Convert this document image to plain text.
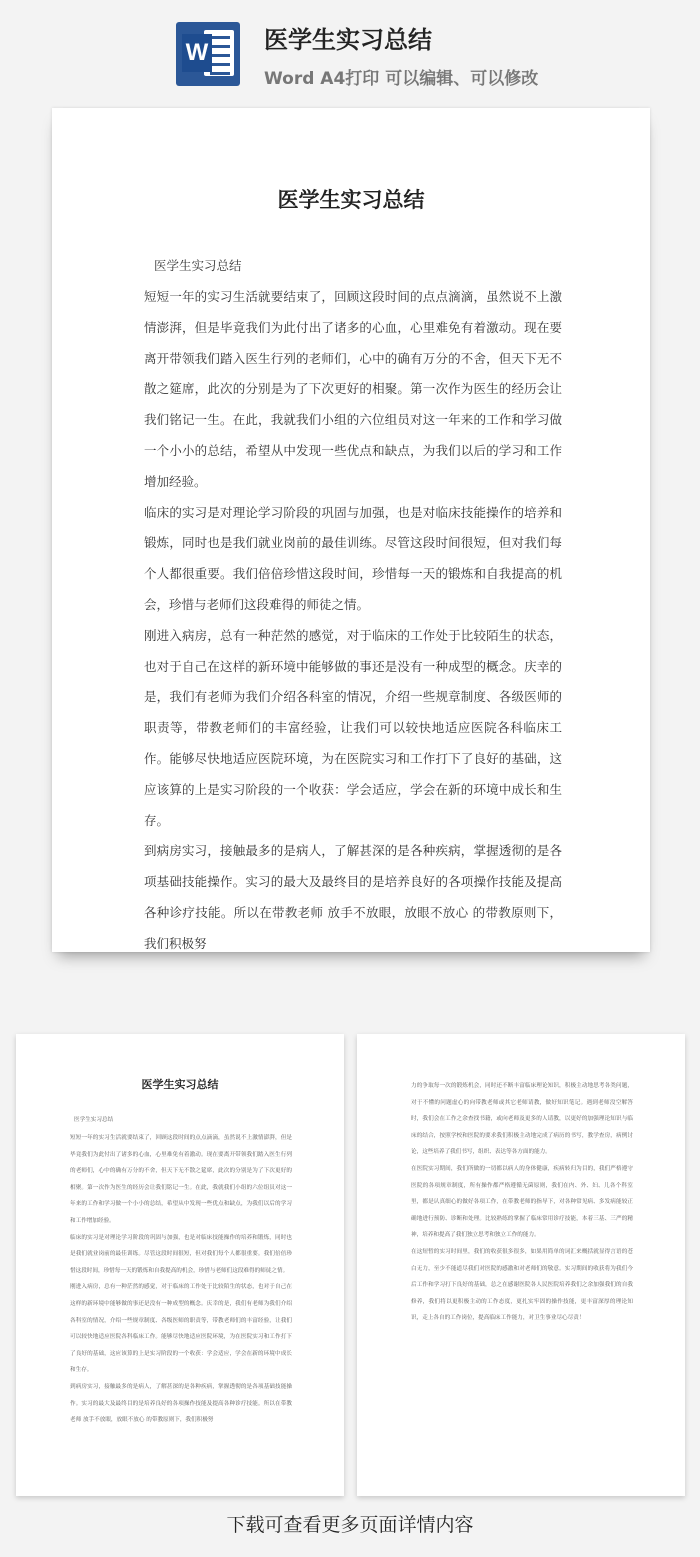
W 医学生实习总结
Word A4打印 可以编辑、可以修改
医学生实习总结
医学生实习总结

短短一年的实习生活就要结束了，回顾这段时间的点点滴滴，虽然说不上激情澎湃，但是毕竟我们为此付出了诸多的心血，心里难免有着激动。现在要离开带领我们踏入医生行列的老师们，心中的确有万分的不舍，但天下无不散之筵席，此次的分别是为了下次更好的相聚。第一次作为医生的经历会让我们铭记一生。在此，我就我们小组的六位组员对这一年来的工作和学习做一个小小的总结，希望从中发现一些优点和缺点，为我们以后的学习和工作增加经验。

临床的实习是对理论学习阶段的巩固与加强，也是对临床技能操作的培养和锻炼，同时也是我们就业岗前的最佳训练。尽管这段时间很短，但对我们每个人都很重要。我们倍倍珍惜这段时间，珍惜每一天的锻炼和自我提高的机会，珍惜与老师们这段难得的师徒之情。

刚进入病房，总有一种茫然的感觉，对于临床的工作处于比较陌生的状态，也对于自己在这样的新环境中能够做的事还是没有一种成型的概念。庆幸的是，我们有老师为我们介绍各科室的情况，介绍一些规章制度、各级医师的职责等，带教老师们的丰富经验，让我们可以较快地适应医院各科临床工作。能够尽快地适应医院环境，为在医院实习和工作打下了良好的基础，这应该算的上是实习阶段的一个收获：学会适应，学会在新的环境中成长和生存。

到病房实习，接触最多的是病人，了解甚深的是各种疾病，掌握透彻的是各项基础技能操作。实习的最大及最终目的是培养良好的各项操作技能及提高各种诊疗技能。所以在带教老师 放手不放眼，放眼不放心 的带教原则下，我们积极努

医学生实习总结
医学生实习总结

短短一年的实习生活就要结束了，回顾这段时间的点点滴滴，虽然说不上激情澎湃，但是毕竟我们为此付出了诸多的心血，心里难免有着激动。现在要离开带领我们踏入医生行列的老师们，心中的确有万分的不舍，但天下无不散之筵席，此次的分别是为了下次更好的相聚。第一次作为医生的经历会让我们铭记一生。在此，我就我们小组的六位组员对这一年来的工作和学习做一个小小的总结，希望从中发现一些优点和缺点，为我们以后的学习和工作增加经验。

临床的实习是对理论学习阶段的巩固与加强，也是对临床技能操作的培养和锻炼，同时也是我们就业岗前的最佳训练。尽管这段时间很短，但对我们每个人都很重要。我们倍倍珍惜这段时间，珍惜每一天的锻炼和自我提高的机会，珍惜与老师们这段难得的师徒之情。

刚进入病房，总有一种茫然的感觉，对于临床的工作处于比较陌生的状态，也对于自己在这样的新环境中能够做的事还是没有一种成型的概念。庆幸的是，我们有老师为我们介绍各科室的情况，介绍一些规章制度、各级医师的职责等，带教老师们的丰富经验，让我们可以较快地适应医院各科临床工作。能够尽快地适应医院环境，为在医院实习和工作打下了良好的基础，这应该算的上是实习阶段的一个收获：学会适应，学会在新的环境中成长和生存。

到病房实习，接触最多的是病人，了解甚深的是各种疾病，掌握透彻的是各项基础技能操作。实习的最大及最终目的是培养良好的各项操作技能及提高各种诊疗技能。所以在带教老师 放手不放眼，放眼不放心 的带教原则下，我们积极努

力的争取每一次的锻炼机会，同时还不断丰富临床理论知识，积极主动地思考各类问题，对于不懂的问题虚心的向带教老师或其它老师请教，做好知识笔记。遇到老师没空解答时，我们会在工作之余查找书籍，或向老师及更多的人请教，以更好的加强理论知识与临床的结合，按照学校和医院的要求我们积极主动地完成了病历的书写，教学查房，病例讨论，这些培养了我们书写，组织、表达等各方面的能力。

在医院实习期间，我们所做的一切都以病人的身体健康，疾病转归为目的，我们严格遵守医院的各项规章制度，所有操作都严格遵循无菌原则，我们在内、外、妇、儿各个科室里，都是认真细心的做好各项工作，在带教老师的指导下，对各种常见病、多发病能较正确地进行预防、诊断和处理。比较熟练的掌握了临床常用诊疗技能，本着三基、三严的精神，培养和提高了我们独立思考和独立工作的能力。

在这短暂的实习时间里，我们的收获很多很多，如果用简单的词汇来概括就显得言语的苍白无力，至少不能道尽我们对医院的感激和对老师们的敬意。实习期间的收获将为我们今后工作和学习打下良好的基础，总之在感谢医院各人民医院培养我们之余加强我们的自我修养，我们将以更积极主动的工作态度，更扎实牢固的操作技能，更丰富深厚的理论知识，走上各自的工作岗位，提高临床工作能力，对卫生事业尽心尽责！

下载可查看更多页面详情内容
